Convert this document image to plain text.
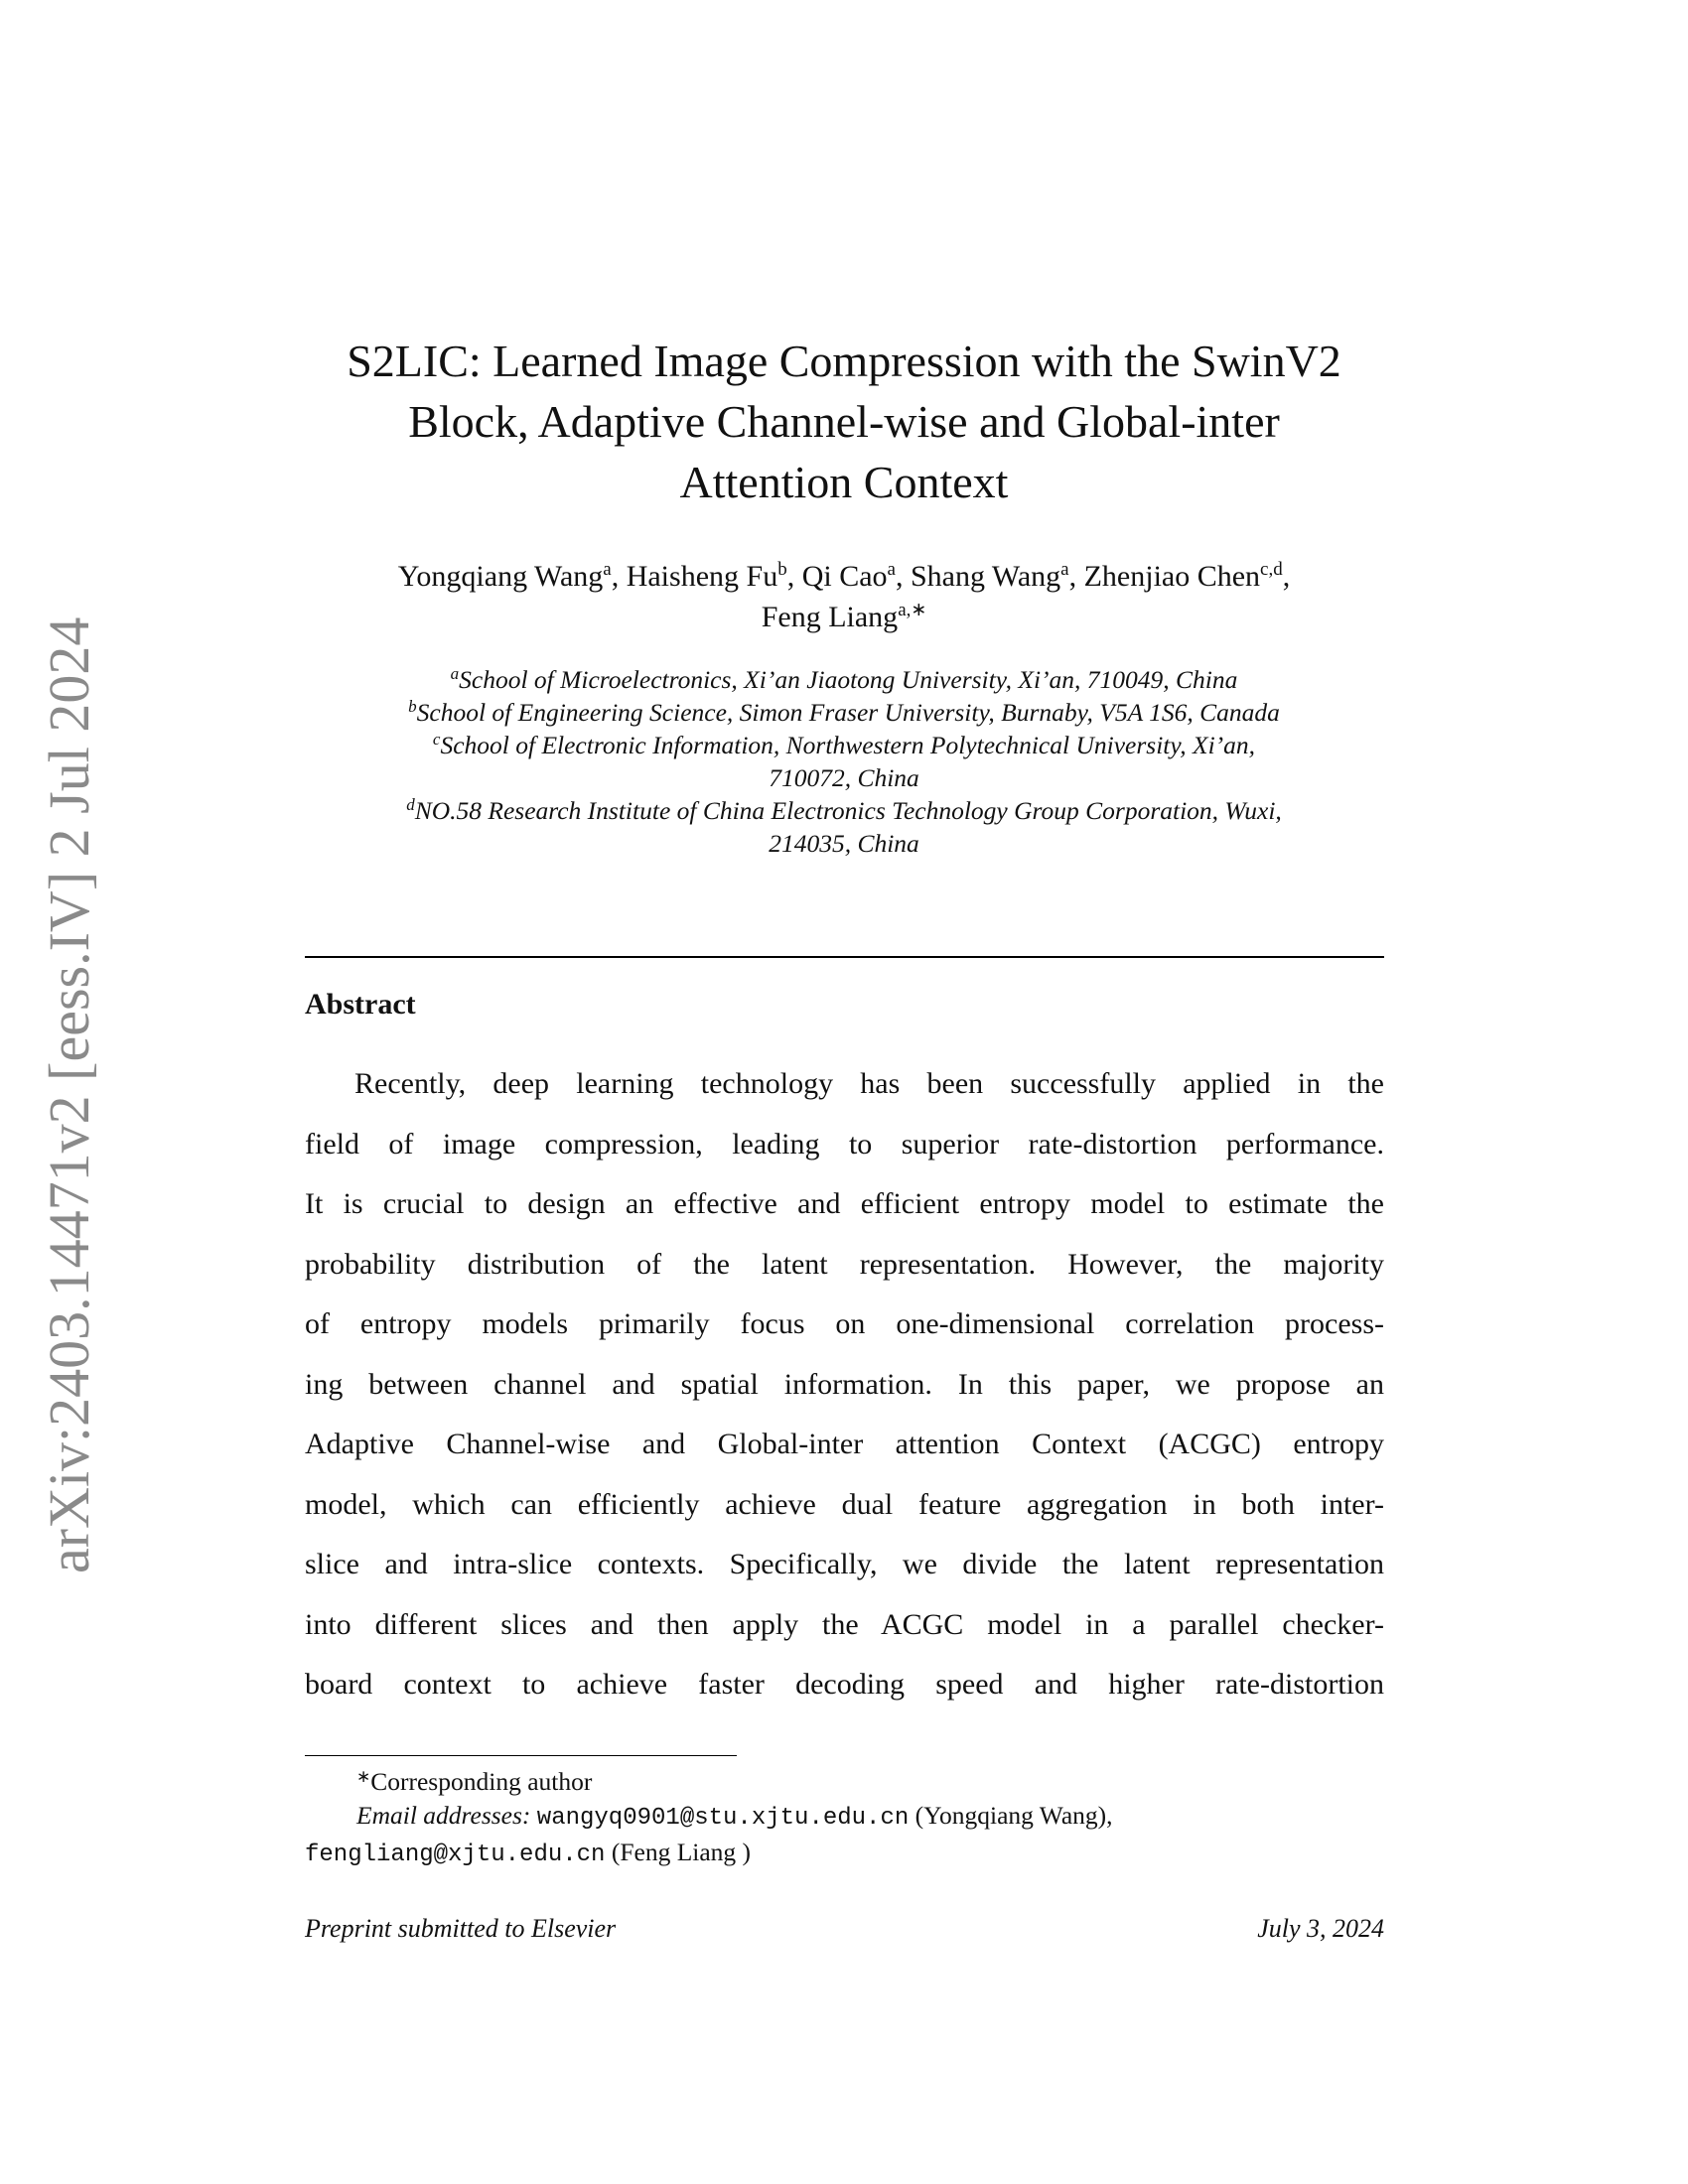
arXiv:2403.14471v2 [eess.IV] 2 Jul 2024
S2LIC: Learned Image Compression with the SwinV2
Block, Adaptive Channel-wise and Global-inter
Attention Context
Yongqiang Wang$^a$, Haisheng Fu$^b$, Qi Cao$^a$, Shang Wang$^a$, Zhenjiao Chen$^{c,d}$,
Feng Liang$^{a,∗}$
$^a$School of Microelectronics, Xi’an Jiaotong University, Xi’an, 710049, China
$^b$School of Engineering Science, Simon Fraser University, Burnaby, V5A 1S6, Canada
$^c$School of Electronic Information, Northwestern Polytechnical University, Xi’an,
710072, China
$^d$NO.58 Research Institute of China Electronics Technology Group Corporation, Wuxi,
214035, China
Abstract
Recently, deep learning technology has been successfully applied in the
field of image compression, leading to superior rate-distortion performance.
It is crucial to design an effective and efficient entropy model to estimate the
probability distribution of the latent representation. However, the majority
of entropy models primarily focus on one-dimensional correlation process-
ing between channel and spatial information. In this paper, we propose an
Adaptive Channel-wise and Global-inter attention Context (ACGC) entropy
model, which can efficiently achieve dual feature aggregation in both inter-
slice and intra-slice contexts. Specifically, we divide the latent representation
into different slices and then apply the ACGC model in a parallel checker-
board context to achieve faster decoding speed and higher rate-distortion
∗Corresponding author
Email addresses: wangyq0901@stu.xjtu.edu.cn (Yongqiang Wang),
fengliang@xjtu.edu.cn (Feng Liang )
Preprint submitted to Elsevier	July 3, 2024
